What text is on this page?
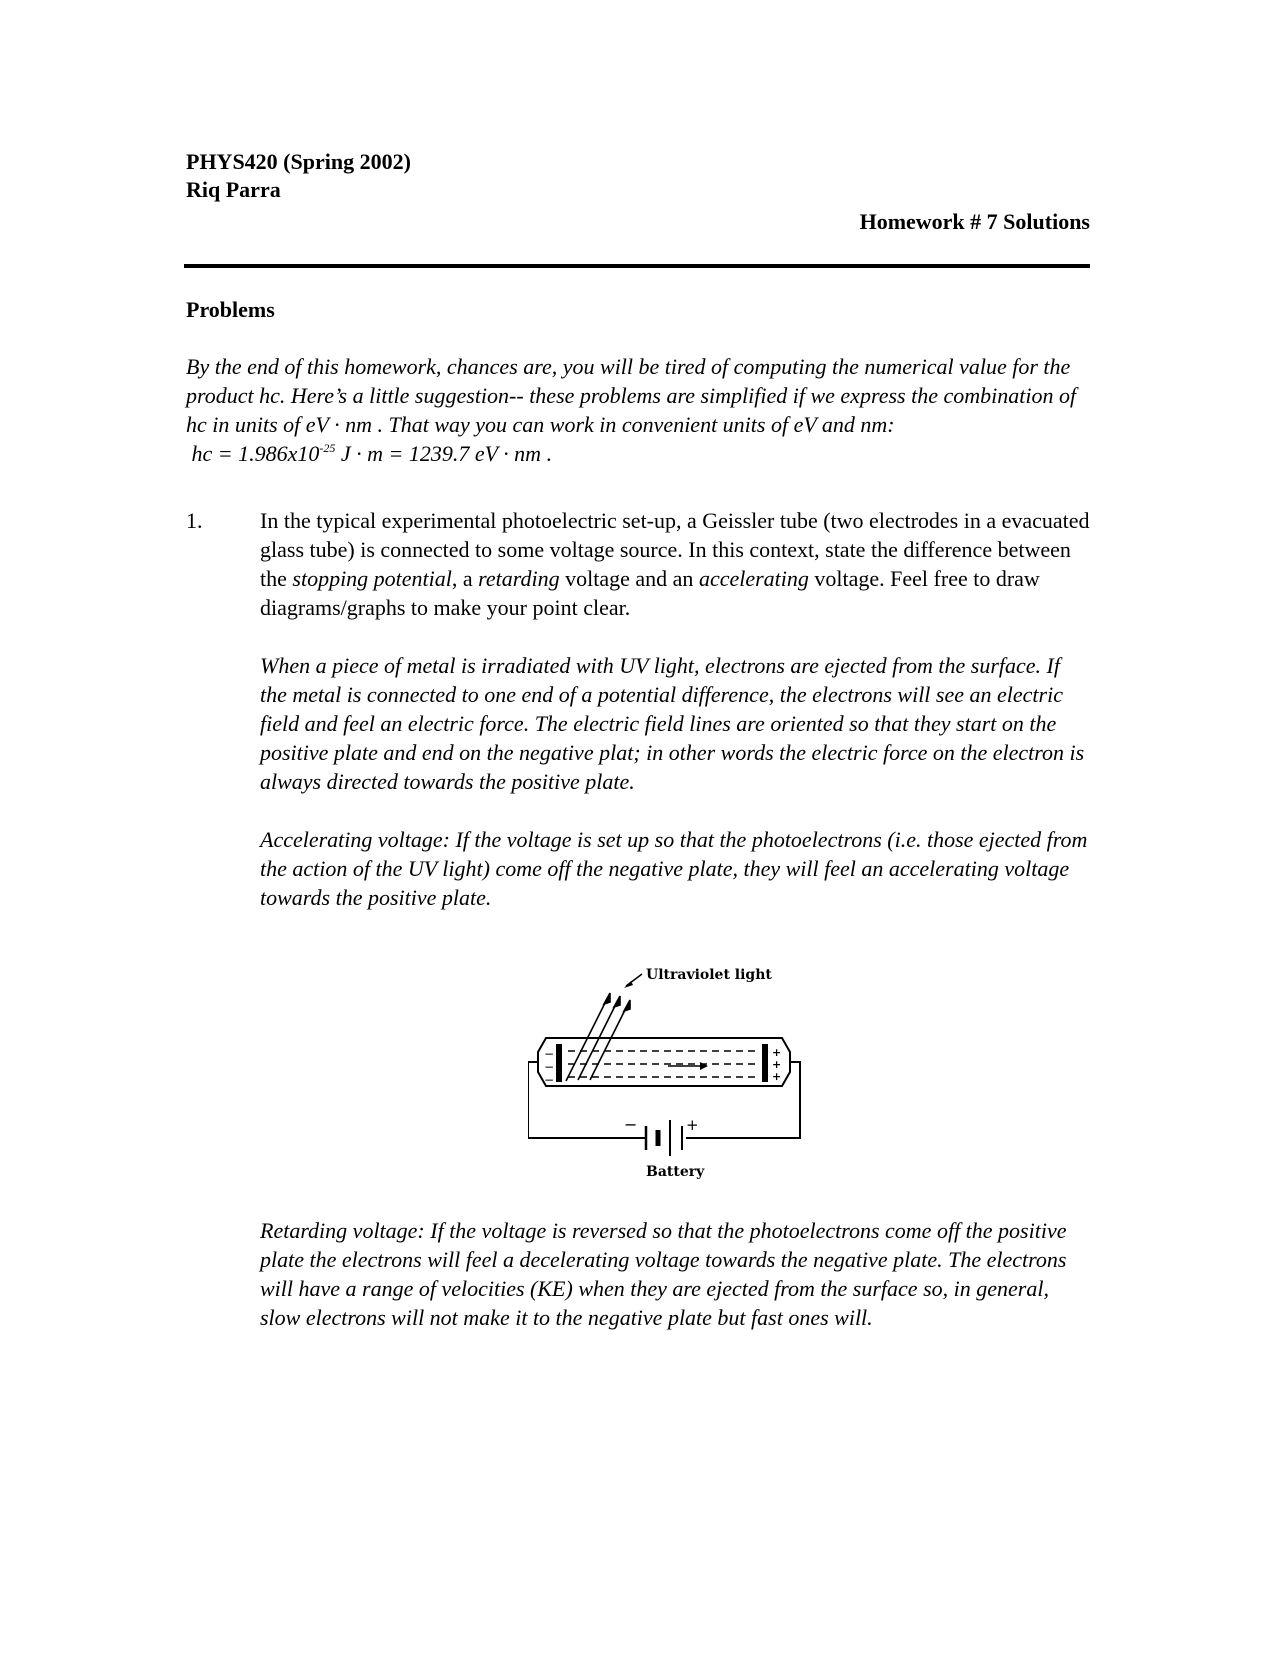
PHYS420 (Spring 2002)
Riq Parra
Homework # 7 Solutions
Problems
By the end of this homework, chances are, you will be tired of computing the numerical value for the product hc. Here’s a little suggestion-- these problems are simplified if we express the combination of hc in units of eV · nm . That way you can work in convenient units of eV and nm:  hc = $1.986x10^{-25}$ J · m = 1239.7 eV · nm .
1.	In the typical experimental photoelectric set-up, a Geissler tube (two electrodes in a evacuated glass tube) is connected to some voltage source. In this context, state the difference between the stopping potential, a retarding voltage and an accelerating voltage. Feel free to draw diagrams/graphs to make your point clear.

When a piece of metal is irradiated with UV light, electrons are ejected from the surface. If the metal is connected to one end of a potential difference, the electrons will see an electric field and feel an electric force. The electric field lines are oriented so that they start on the positive plate and end on the negative plat; in other words the electric force on the electron is always directed towards the positive plate.

Accelerating voltage: If the voltage is set up so that the photoelectrons (i.e. those ejected from the action of the UV light) come off the negative plate, they will feel an accelerating voltage towards the positive plate.

Ultraviolet light
−
−
−
+
+
+
−	+
Battery

Retarding voltage: If the voltage is reversed so that the photoelectrons come off the positive plate the electrons will feel a decelerating voltage towards the negative plate. The electrons will have a range of velocities (KE) when they are ejected from the surface so, in general, slow electrons will not make it to the negative plate but fast ones will.
